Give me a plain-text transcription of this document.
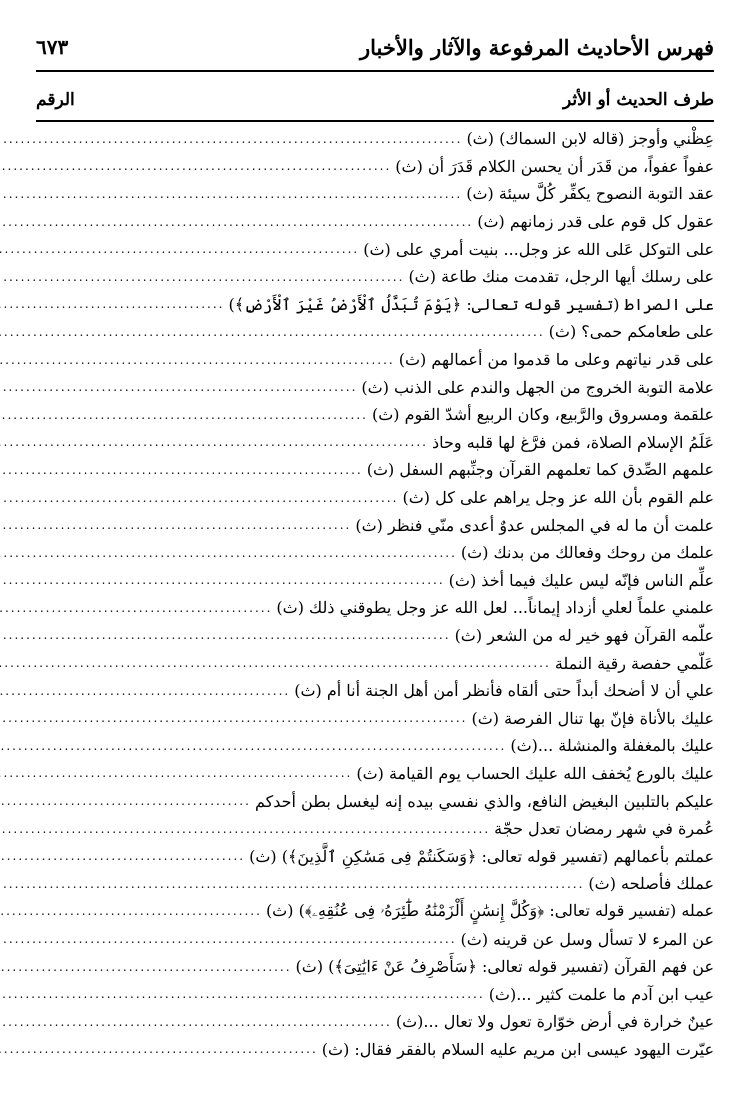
فهرس الأحاديث المرفوعة والآثار والأخبار
٦٧٣
طرف الحديث أو الأثر
الرقم
عِظْني وأوجز (قاله لابن السماك) (ث)
.....
عفواً عفواً، من قَدَر أن يحسن الكلام قَدَرَ أن (ث)
.....
عقد التوبة النصوح يكفِّر كُلَّ سيئة (ث)
.....
عقول كل قوم على قدر زمانهم (ث)
.....
على التوكل عَلى الله عز وجل... بنيت أمري على (ث)
.....
على رسلك أيها الرجل، تقدمت منك طاعة (ث)
.....
على الصراط (تفسير قوله تعالى: ﴿يَوْمَ تُبَدَّلُ ٱلْأَرْضُ غَيْرَ ٱلْأَرْضِ﴾)
.....
على طعامكم حمى؟ (ث)
.....
على قدر نياتهم وعلى ما قدموا من أعمالهم (ث)
.....
علامة التوبة الخروج من الجهل والندم على الذنب (ث)
.....
علقمة ومسروق والرَّبيع، وكان الربيع أشدّ القوم (ث)
.....
عَلَمُ الإسلام الصلاة، فمن فرَّغ لها قلبه وحاذ
.....
علمهم الصِّدق كما تعلمهم القرآن وجنِّبهم السفل (ث)
.....
علم القوم بأن الله عز وجل يراهم على كل (ث)
.....
علمت أن ما له في المجلس عدوٌ أعدى منّي فنظر (ث)
.....
علمك من روحك وفعالك من بدنك (ث)
.....
علِّم الناس فإنّه ليس عليك فيما أخذ (ث)
.....
علمني علماً لعلي أزداد إيماناً... لعل الله عز وجل يطوقني ذلك (ث)
.....
علّمه القرآن فهو خير له من الشعر (ث)
.....
عَلّمي حفصة رقية النملة
.....
علي أن لا أضحك أبداً حتى ألقاه فأنظر أمن أهل الجنة أنا أم (ث)
.....
عليك بالأناة فإنّ بها تنال الفرصة (ث)
.....
عليك بالمغفلة والمنشلة ...(ث)
.....
عليك بالورع يُخفف الله عليك الحساب يوم القيامة (ث)
.....
عليكم بالتلبين البغيض النافع، والذي نفسي بيده إنه ليغسل بطن أحدكم
.....
عُمرة في شهر رمضان تعدل حجّة
.....
عملتم بأعمالهم (تفسير قوله تعالى: ﴿وَسَكَنتُمْ فِى مَسَٰكِنِ ٱلَّذِينَ﴾) (ث)
.....
عملك فأصلحه (ث)
.....
عمله (تفسير قوله تعالى: ﴿وَكُلَّ إِنسَٰنٍ أَلْزَمْنَٰهُ طَٰٓئِرَهُۥ فِى عُنُقِهِۦ﴾) (ث)
.....
عن المرء لا تسأل وسل عن قرينه (ث)
.....
عن فهم القرآن (تفسير قوله تعالى: ﴿سَأَصْرِفُ عَنْ ءَايَٰتِىَ﴾) (ث)
.....
عيب ابن آدم ما علمت كثير ...(ث)
.....
عينٌ خرارة في أرض خوّارة تعول ولا تعال ...(ث)
.....
عيّرت اليهود عيسى ابن مريم عليه السلام بالفقر فقال: (ث)
.....
